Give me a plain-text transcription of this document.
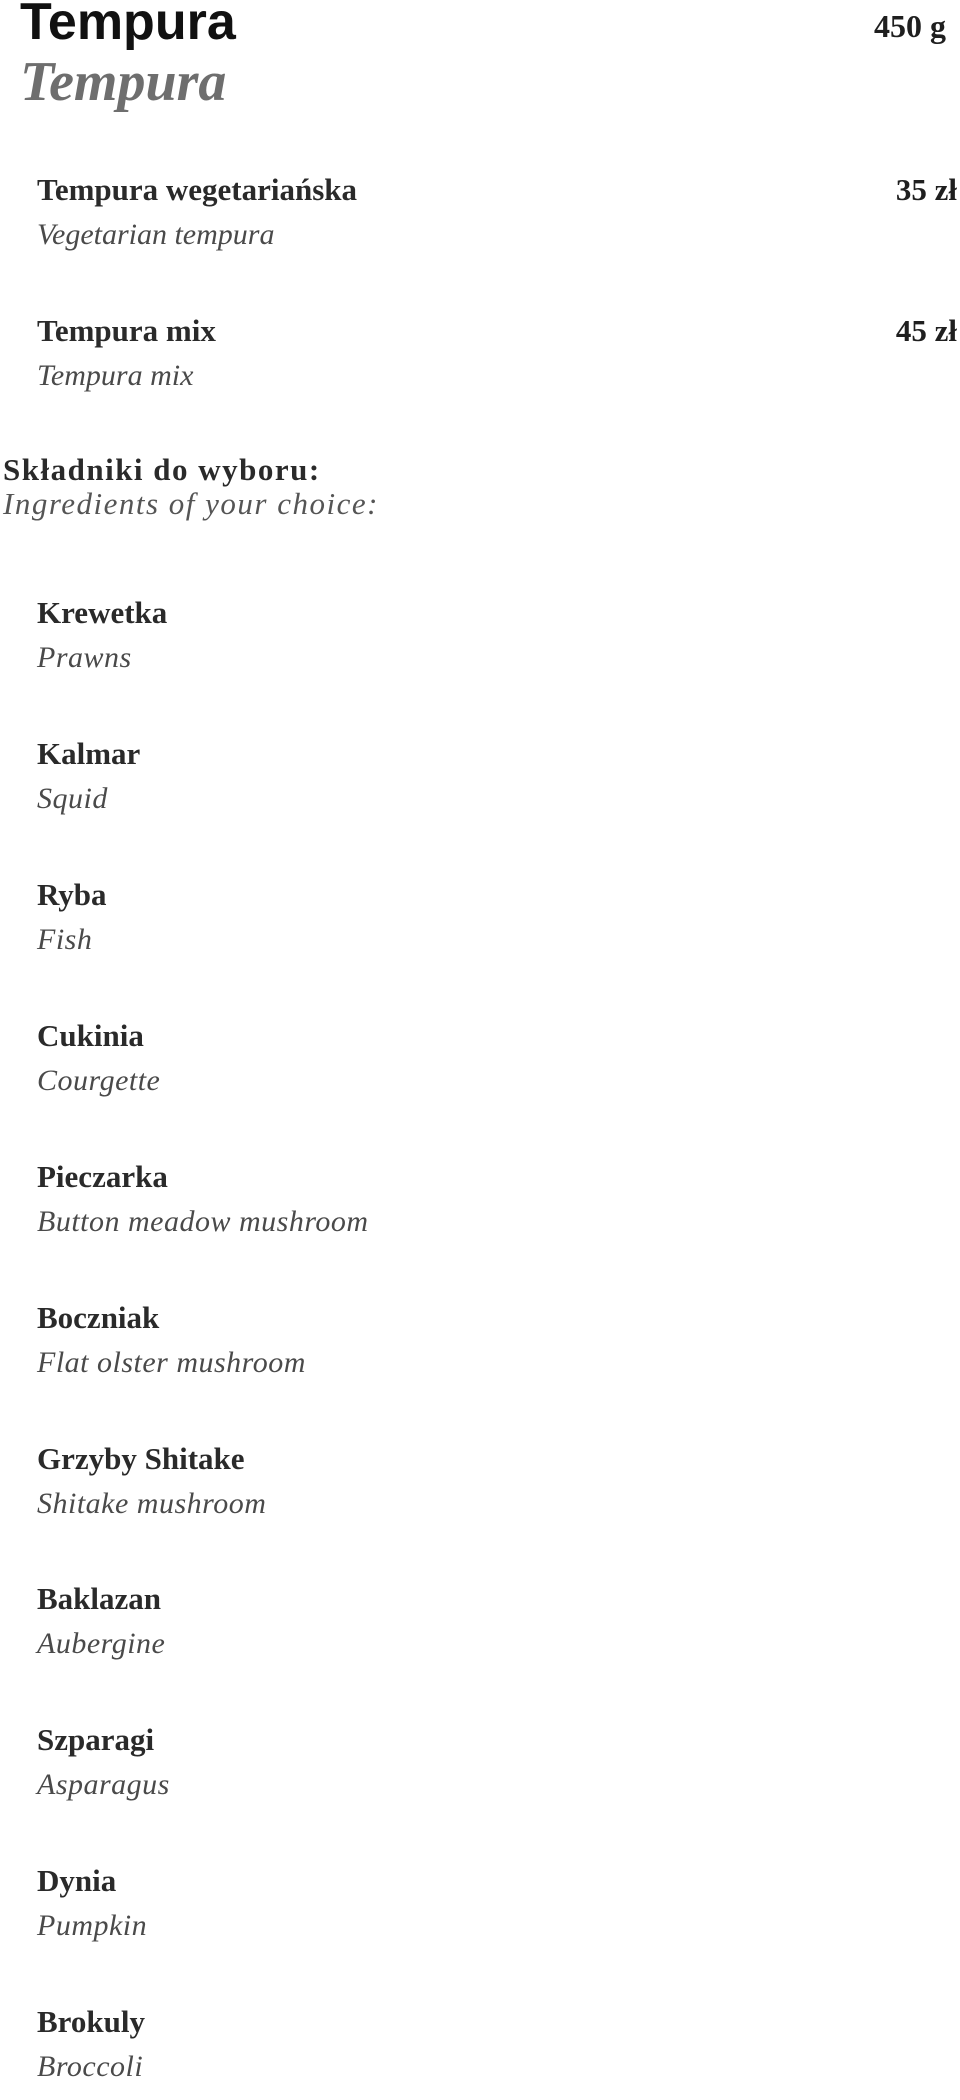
Tempura
Tempura
450 g
Tempura wegetariańska
Vegetarian tempura
35 zł
Tempura mix
Tempura mix
45 zł
Składniki do wyboru:
Ingredients of your choice:
Krewetka
Prawns
Kalmar
Squid
Ryba
Fish
Cukinia
Courgette
Pieczarka
Button meadow mushroom
Boczniak
Flat olster mushroom
Grzyby Shitake
Shitake mushroom
Baklazan
Aubergine
Szparagi
Asparagus
Dynia
Pumpkin
Brokuly
Broccoli
